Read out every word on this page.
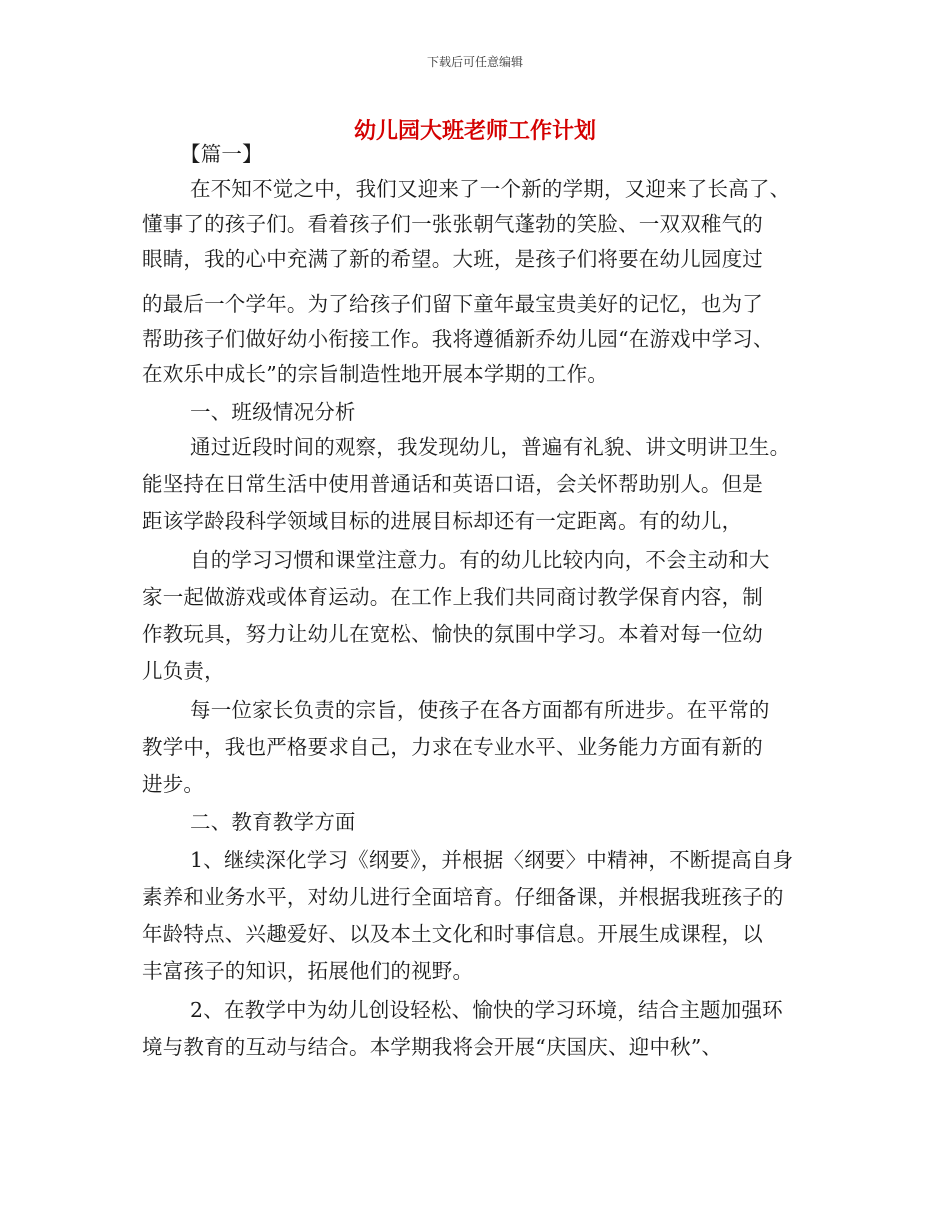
下载后可任意编辑
幼儿园大班老师工作计划
【篇一】
在不知不觉之中，我们又迎来了一个新的学期，又迎来了长高了、
懂事了的孩子们。看着孩子们一张张朝气蓬勃的笑脸、一双双稚气的
眼睛，我的心中充满了新的希望。大班，是孩子们将要在幼儿园度过
的最后一个学年。为了给孩子们留下童年最宝贵美好的记忆，也为了
帮助孩子们做好幼小衔接工作。我将遵循新乔幼儿园“在游戏中学习、
在欢乐中成长”的宗旨制造性地开展本学期的工作。
一、班级情况分析
通过近段时间的观察，我发现幼儿，普遍有礼貌、讲文明讲卫生。
能坚持在日常生活中使用普通话和英语口语，会关怀帮助别人。但是
距该学龄段科学领域目标的进展目标却还有一定距离。有的幼儿，
自的学习习惯和课堂注意力。有的幼儿比较内向，不会主动和大
家一起做游戏或体育运动。在工作上我们共同商讨教学保育内容，制
作教玩具，努力让幼儿在宽松、愉快的氛围中学习。本着对每一位幼
儿负责，
每一位家长负责的宗旨，使孩子在各方面都有所进步。在平常的
教学中，我也严格要求自己，力求在专业水平、业务能力方面有新的
进步。
二、教育教学方面
1、继续深化学习《纲要》，并根据〈纲要〉中精神，不断提高自身
素养和业务水平，对幼儿进行全面培育。仔细备课，并根据我班孩子的
年龄特点、兴趣爱好、以及本土文化和时事信息。开展生成课程，以
丰富孩子的知识，拓展他们的视野。
2、在教学中为幼儿创设轻松、愉快的学习环境，结合主题加强环
境与教育的互动与结合。本学期我将会开展“庆国庆、迎中秋”、
